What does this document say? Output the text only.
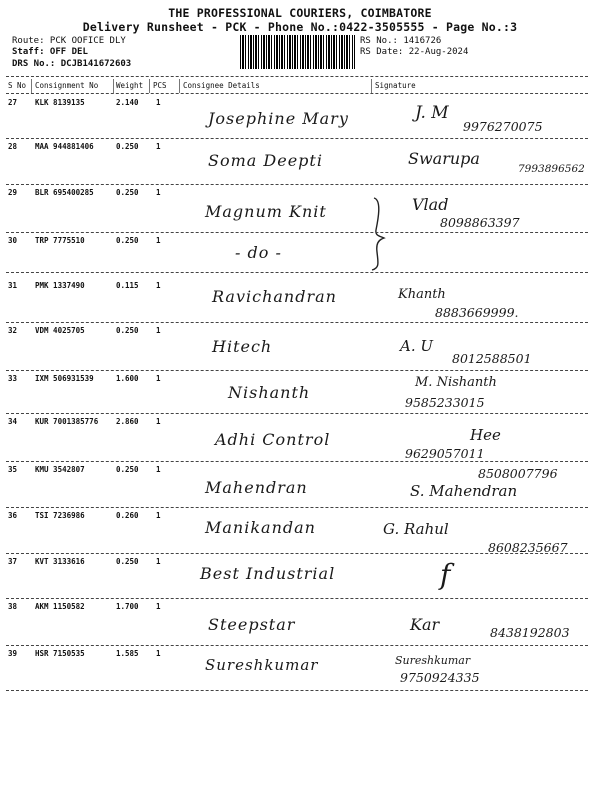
THE PROFESSIONAL COURIERS, COIMBATORE
Delivery Runsheet - PCK - Phone No.:0422-3505555 - Page No.:3
Route: PCK OOFICE DLY
Staff: OFF DEL
DRS No.: DCJB141672603
RS No.: 1416726
RS Date: 22-Aug-2024
S No Consignment No Weight PCS Consignee Details	Signature
27 KLK 8139135	2.140 1
Josephine Mary	J. M
9976270075
28 MAA 944881406	0.250 1
Soma Deepti	Swarupa
7993896562
29 BLR 695400285	0.250 1
Magnum Knit	Vlad
8098863397
30 TRP 7775510	0.250 1
- do -
31 PMK 1337490	0.115 1
Ravichandran	Khanth
8883669999.
32 VDM 4025705	0.250 1
Hitech	A. U
8012588501
33 IXM 506931539	1.600 1
Nishanth
M. Nishanth
9585233015
34 KUR 7001385776 2.860 1
Adhi Control	Hee
9629057011
35 KMU 3542807	0.250 1
Mahendran	S. Mahendran
8508007796
36 TSI 7236986	0.260 1
Manikandan	G. Rahul
8608235667
37 KVT 3133616	0.250 1
Best Industrial	f
38 AKM 1150582	1.700 1
Steepstar	Kar	8438192803
39 HSR 7150535	1.585 1
Sureshkumar	Sureshkumar
9750924335
